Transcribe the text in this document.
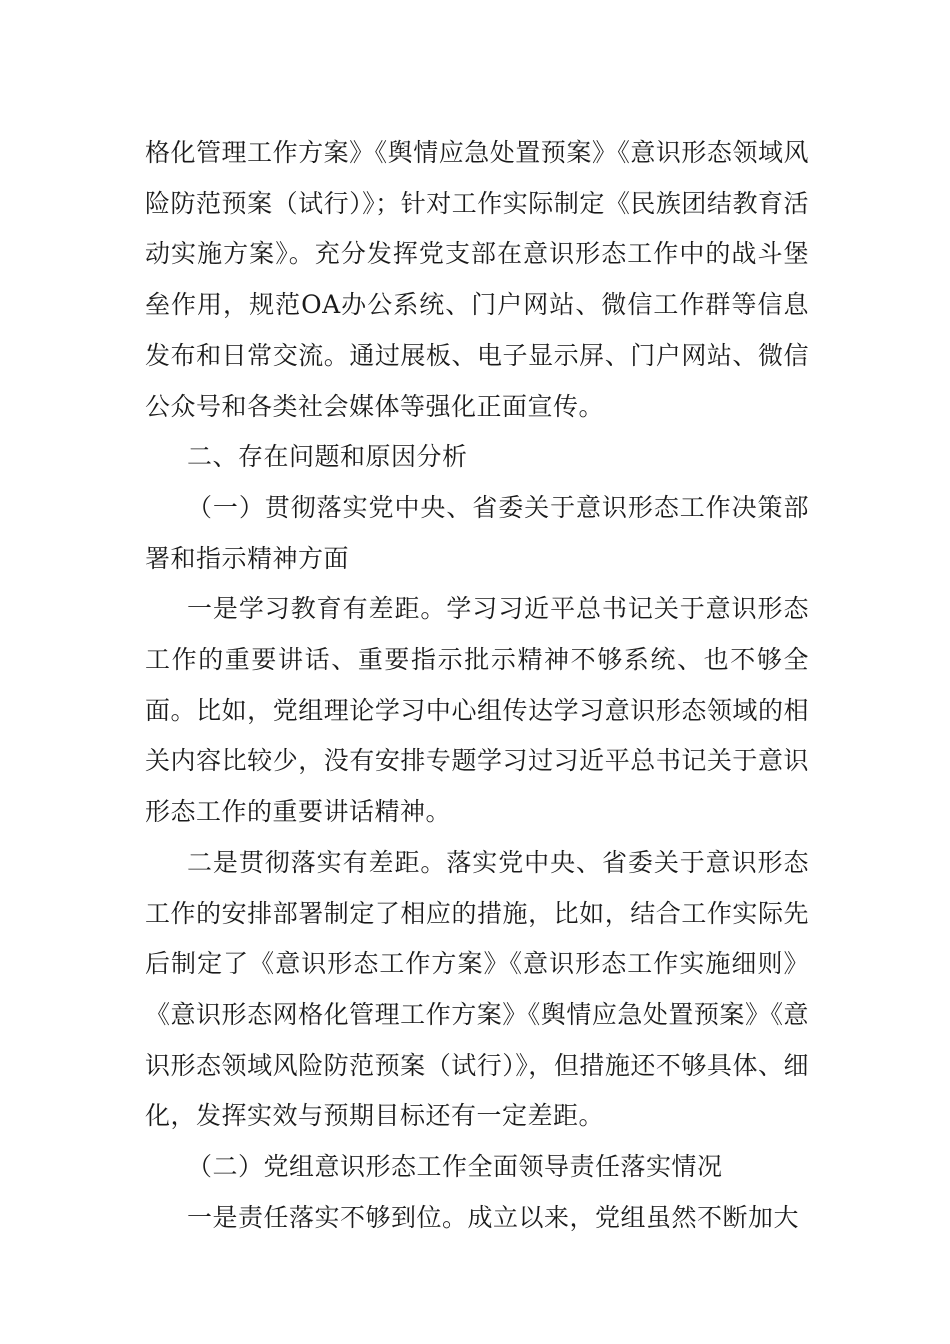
格化管理工作方案》《舆情应急处置预案》《意识形态领域风险防范预案（试行）》；针对工作实际制定《民族团结教育活动实施方案》。充分发挥党支部在意识形态工作中的战斗堡垒作用，规范OA办公系统、门户网站、微信工作群等信息发布和日常交流。通过展板、电子显示屏、门户网站、微信公众号和各类社会媒体等强化正面宣传。

二、存在问题和原因分析

（一）贯彻落实党中央、省委关于意识形态工作决策部署和指示精神方面

一是学习教育有差距。学习习近平总书记关于意识形态工作的重要讲话、重要指示批示精神不够系统、也不够全面。比如，党组理论学习中心组传达学习意识形态领域的相关内容比较少，没有安排专题学习过习近平总书记关于意识形态工作的重要讲话精神。

二是贯彻落实有差距。落实党中央、省委关于意识形态工作的安排部署制定了相应的措施，比如，结合工作实际先后制定了《意识形态工作方案》《意识形态工作实施细则》《意识形态网格化管理工作方案》《舆情应急处置预案》《意识形态领域风险防范预案（试行）》，但措施还不够具体、细化，发挥实效与预期目标还有一定差距。

（二）党组意识形态工作全面领导责任落实情况

一是责任落实不够到位。成立以来，党组虽然不断加大
